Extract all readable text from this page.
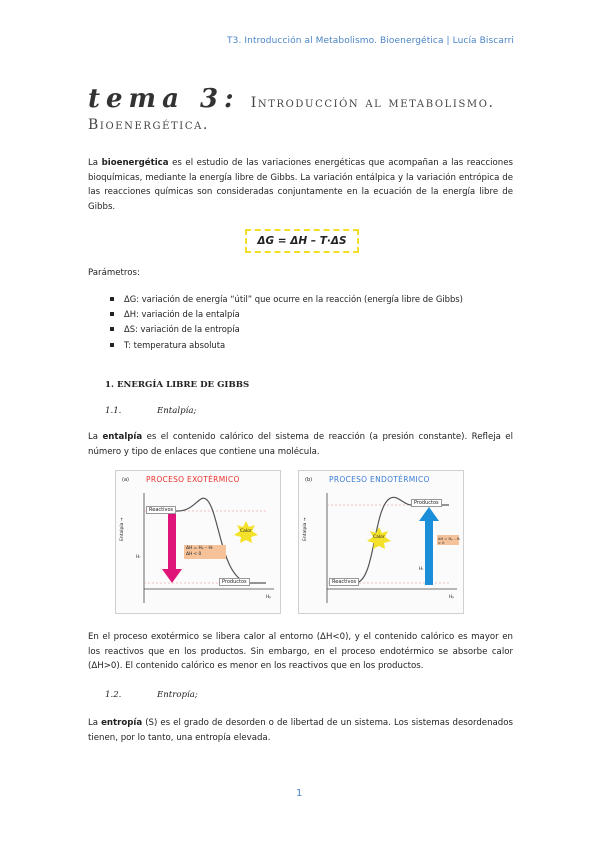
T3. Introducción al Metabolismo. Bioenergética | Lucía Biscarri
tema 3: Introducción al metabolismo. Bioenergética.
La bioenergética es el estudio de las variaciones energéticas que acompañan a las reacciones bioquímicas, mediante la energía libre de Gibbs. La variación entálpica y la variación entrópica de las reacciones químicas son consideradas conjuntamente en la ecuación de la energía libre de Gibbs.
ΔG = ΔH – T·ΔS
Parámetros:
ΔG: variación de energía “útil” que ocurre en la reacción (energía libre de Gibbs)
ΔH: variación de la entalpía
ΔS: variación de la entropía
T: temperatura absoluta
1. ENERGÍA LIBRE DE GIBBS
1.1.	Entalpía;
La entalpía es el contenido calórico del sistema de reacción (a presión constante). Refleja el número y tipo de enlaces que contiene una molécula.
(a) PROCESO EXOTÉRMICO
Reactivos
Productos
Calor
ΔH = Hₚ – Hᵣ
ΔH < 0
Entalpía →
Hᵣ
Hₚ
(b) PROCESO ENDOTÉRMICO
Reactivos
Productos
Calor	ΔH = Hₚ – Hᵣ > 0
Entalpía →
Hᵣ
Hₚ
En el proceso exotérmico se libera calor al entorno (ΔH<0), y el contenido calórico es mayor en los reactivos que en los productos. Sin embargo, en el proceso endotérmico se absorbe calor (ΔH>0). El contenido calórico es menor en los reactivos que en los productos.
1.2.	Entropía;
La entropía (S) es el grado de desorden o de libertad de un sistema. Los sistemas desordenados tienen, por lo tanto, una entropía elevada.
1
